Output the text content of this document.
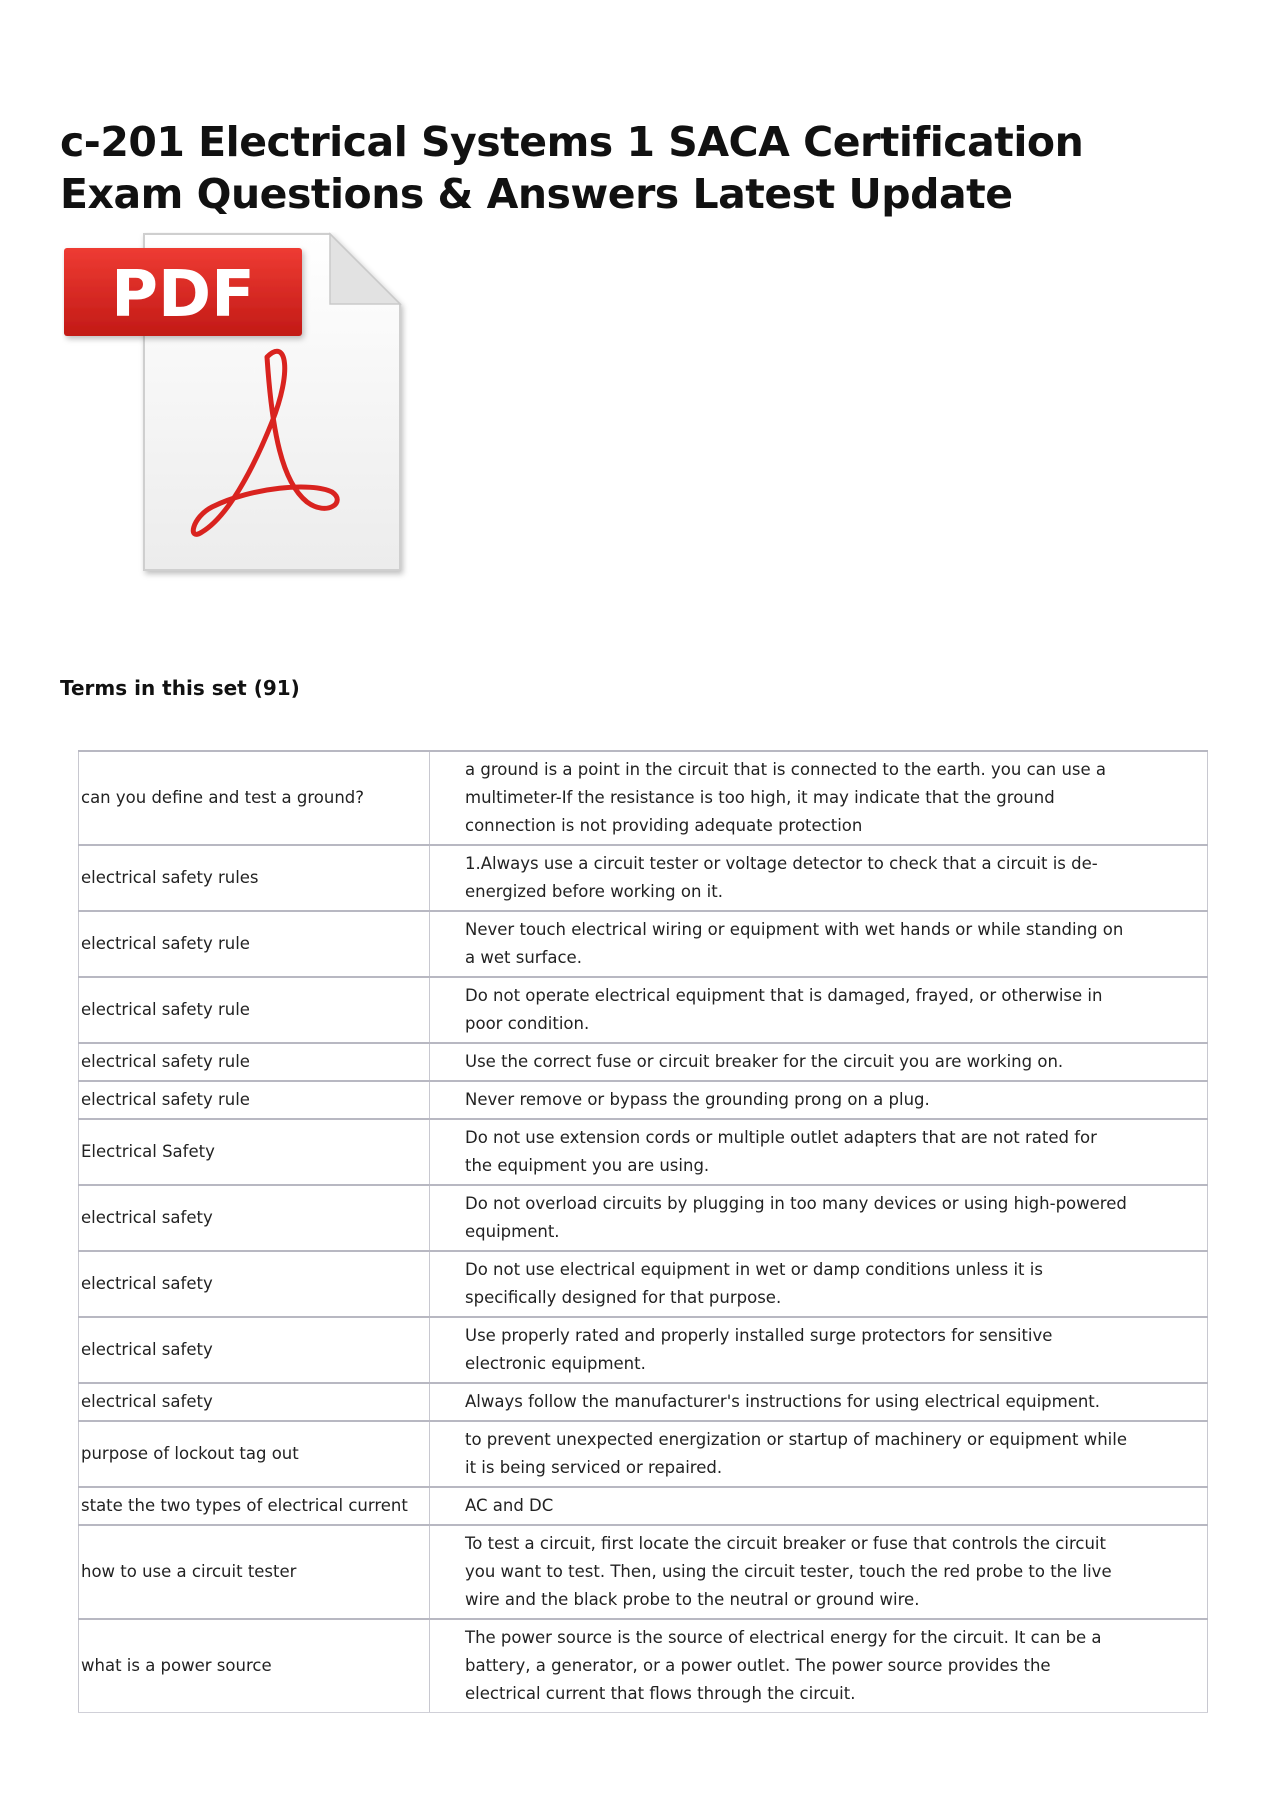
c-201 Electrical Systems 1 SACA Certification Exam Questions & Answers Latest Update
PDF
Terms in this set (91)
can you define and test a ground?	a ground is a point in the circuit that is connected to the earth. you can use a multimeter-If the resistance is too high, it may indicate that the ground connection is not providing adequate protection
electrical safety rules	1.Always use a circuit tester or voltage detector to check that a circuit is de-energized before working on it.
electrical safety rule	Never touch electrical wiring or equipment with wet hands or while standing on a wet surface.
electrical safety rule	Do not operate electrical equipment that is damaged, frayed, or otherwise in poor condition.
electrical safety rule	Use the correct fuse or circuit breaker for the circuit you are working on.
electrical safety rule	Never remove or bypass the grounding prong on a plug.
Electrical Safety	Do not use extension cords or multiple outlet adapters that are not rated for the equipment you are using.
electrical safety	Do not overload circuits by plugging in too many devices or using high-powered equipment.
electrical safety	Do not use electrical equipment in wet or damp conditions unless it is specifically designed for that purpose.
electrical safety	Use properly rated and properly installed surge protectors for sensitive electronic equipment.
electrical safety	Always follow the manufacturer's instructions for using electrical equipment.
purpose of lockout tag out	to prevent unexpected energization or startup of machinery or equipment while it is being serviced or repaired.
state the two types of electrical current	AC and DC
how to use a circuit tester	To test a circuit, first locate the circuit breaker or fuse that controls the circuit you want to test. Then, using the circuit tester, touch the red probe to the live wire and the black probe to the neutral or ground wire.
what is a power source	The power source is the source of electrical energy for the circuit. It can be a battery, a generator, or a power outlet. The power source provides the electrical current that flows through the circuit.
